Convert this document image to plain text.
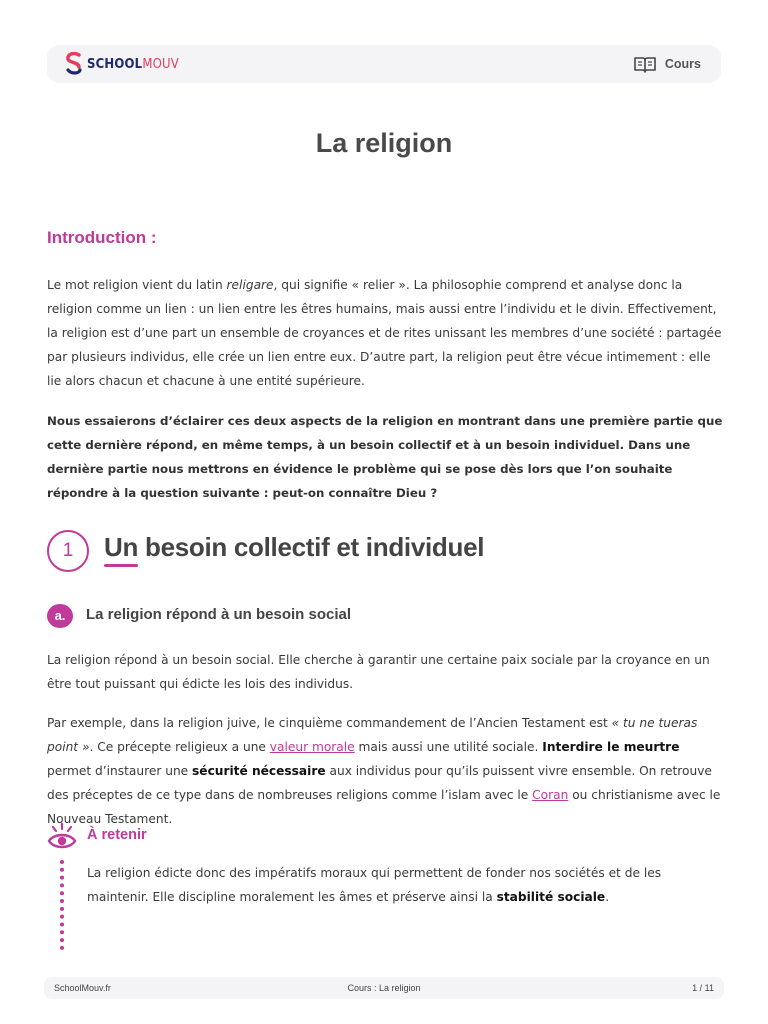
SCHOOLMOUV	Cours
La religion
Introduction :

Le mot religion vient du latin religare, qui signifie « relier ». La philosophie comprend et analyse donc la religion comme un lien : un lien entre les êtres humains, mais aussi entre l’individu et le divin. Effectivement, la religion est d’une part un ensemble de croyances et de rites unissant les membres d’une société : partagée par plusieurs individus, elle crée un lien entre eux. D’autre part, la religion peut être vécue intimement : elle lie alors chacun et chacune à une entité supérieure.

Nous essaierons d’éclairer ces deux aspects de la religion en montrant dans une première partie que cette dernière répond, en même temps, à un besoin collectif et à un besoin individuel. Dans une dernière partie nous mettrons en évidence le problème qui se pose dès lors que l’on souhaite répondre à la question suivante : peut-on connaître Dieu ?

1	Un besoin collectif et individuel
a.	La religion répond à un besoin social

La religion répond à un besoin social. Elle cherche à garantir une certaine paix sociale par la croyance en un être tout puissant qui édicte les lois des individus.

Par exemple, dans la religion juive, le cinquième commandement de l’Ancien Testament est « tu ne tueras point ». Ce précepte religieux a une valeur morale mais aussi une utilité sociale. Interdire le meurtre permet d’instaurer une sécurité nécessaire aux individus pour qu’ils puissent vivre ensemble. On retrouve des préceptes de ce type dans de nombreuses religions comme l’islam avec le Coran ou christianisme avec le Nouveau Testament.

À retenir

La religion édicte donc des impératifs moraux qui permettent de fonder nos sociétés et de les maintenir. Elle discipline moralement les âmes et préserve ainsi la stabilité sociale.

SchoolMouv.fr	Cours : La religion	1 / 11
